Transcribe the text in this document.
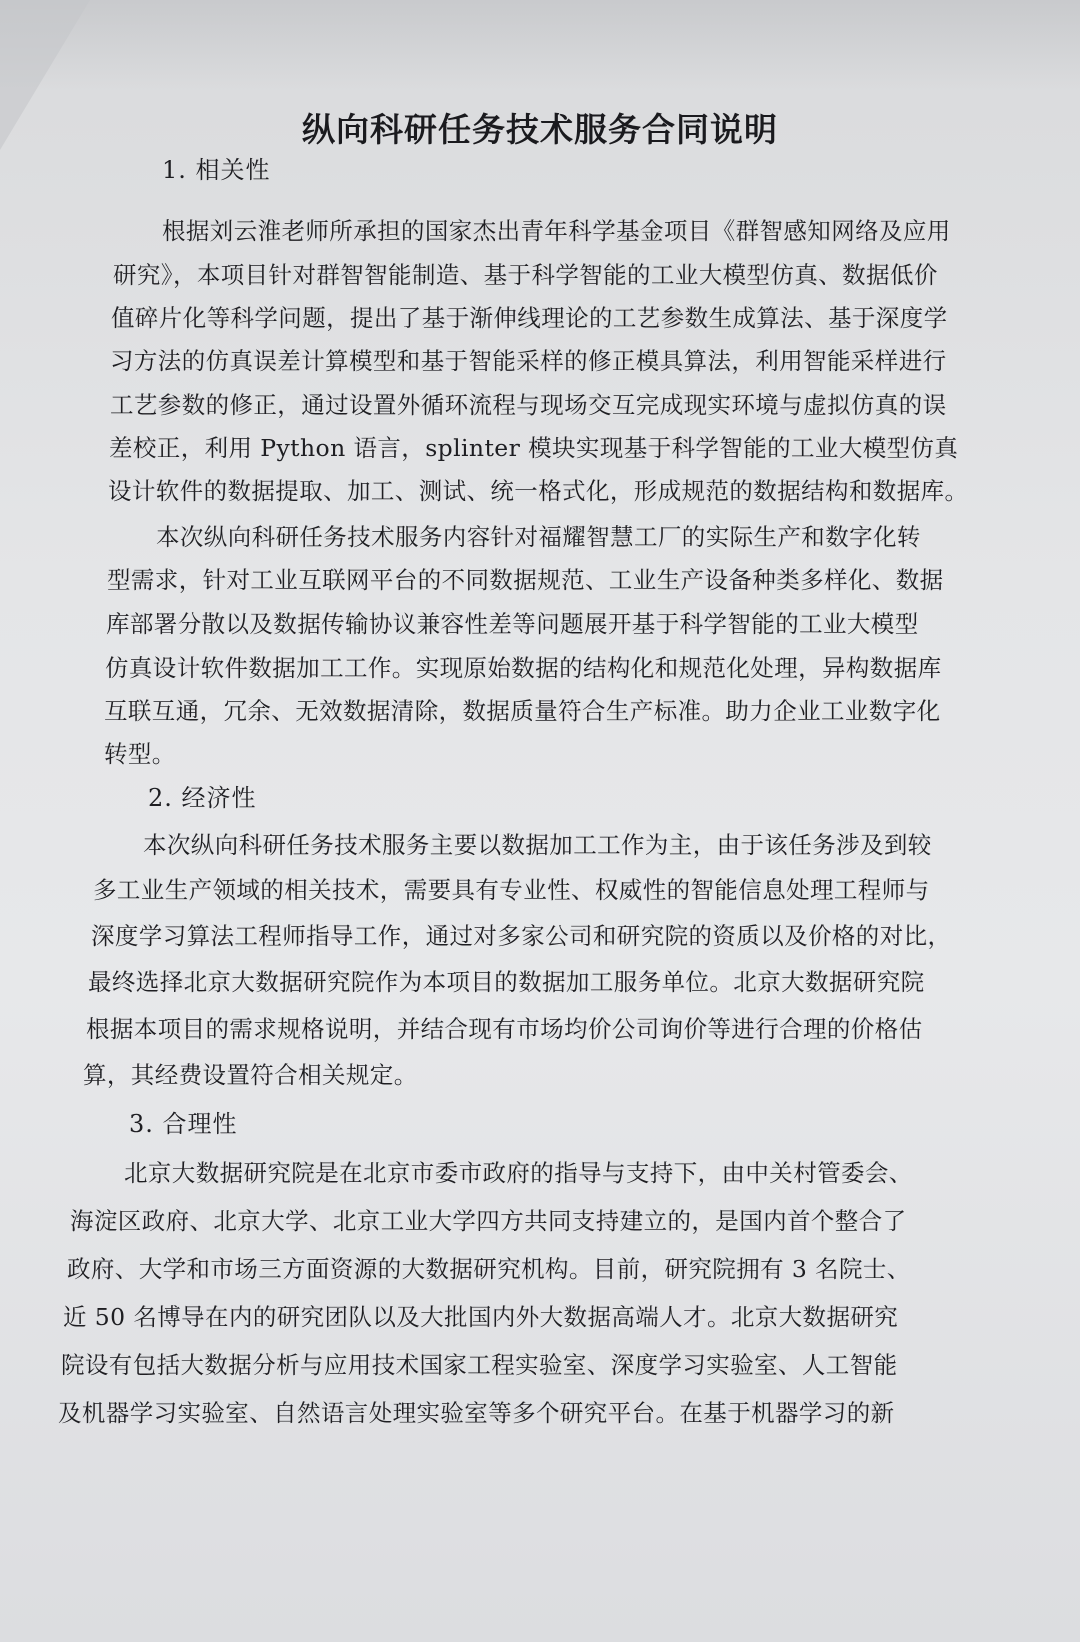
纵向科研任务技术服务合同说明
1. 相关性
根据刘云淮老师所承担的国家杰出青年科学基金项目《群智感知网络及应用
研究》，本项目针对群智智能制造、基于科学智能的工业大模型仿真、数据低价
值碎片化等科学问题，提出了基于渐伸线理论的工艺参数生成算法、基于深度学
习方法的仿真误差计算模型和基于智能采样的修正模具算法，利用智能采样进行
工艺参数的修正，通过设置外循环流程与现场交互完成现实环境与虚拟仿真的误
差校正，利用 Python 语言，splinter 模块实现基于科学智能的工业大模型仿真
设计软件的数据提取、加工、测试、统一格式化，形成规范的数据结构和数据库。
本次纵向科研任务技术服务内容针对福耀智慧工厂的实际生产和数字化转
型需求，针对工业互联网平台的不同数据规范、工业生产设备种类多样化、数据
库部署分散以及数据传输协议兼容性差等问题展开基于科学智能的工业大模型
仿真设计软件数据加工工作。实现原始数据的结构化和规范化处理，异构数据库
互联互通，冗余、无效数据清除，数据质量符合生产标准。助力企业工业数字化
转型。
2. 经济性
本次纵向科研任务技术服务主要以数据加工工作为主，由于该任务涉及到较
多工业生产领域的相关技术，需要具有专业性、权威性的智能信息处理工程师与
深度学习算法工程师指导工作，通过对多家公司和研究院的资质以及价格的对比，
最终选择北京大数据研究院作为本项目的数据加工服务单位。北京大数据研究院
根据本项目的需求规格说明，并结合现有市场均价公司询价等进行合理的价格估
算，其经费设置符合相关规定。
3. 合理性
北京大数据研究院是在北京市委市政府的指导与支持下，由中关村管委会、
海淀区政府、北京大学、北京工业大学四方共同支持建立的，是国内首个整合了
政府、大学和市场三方面资源的大数据研究机构。目前，研究院拥有 3 名院士、
近 50 名博导在内的研究团队以及大批国内外大数据高端人才。北京大数据研究
院设有包括大数据分析与应用技术国家工程实验室、深度学习实验室、人工智能
及机器学习实验室、自然语言处理实验室等多个研究平台。在基于机器学习的新
